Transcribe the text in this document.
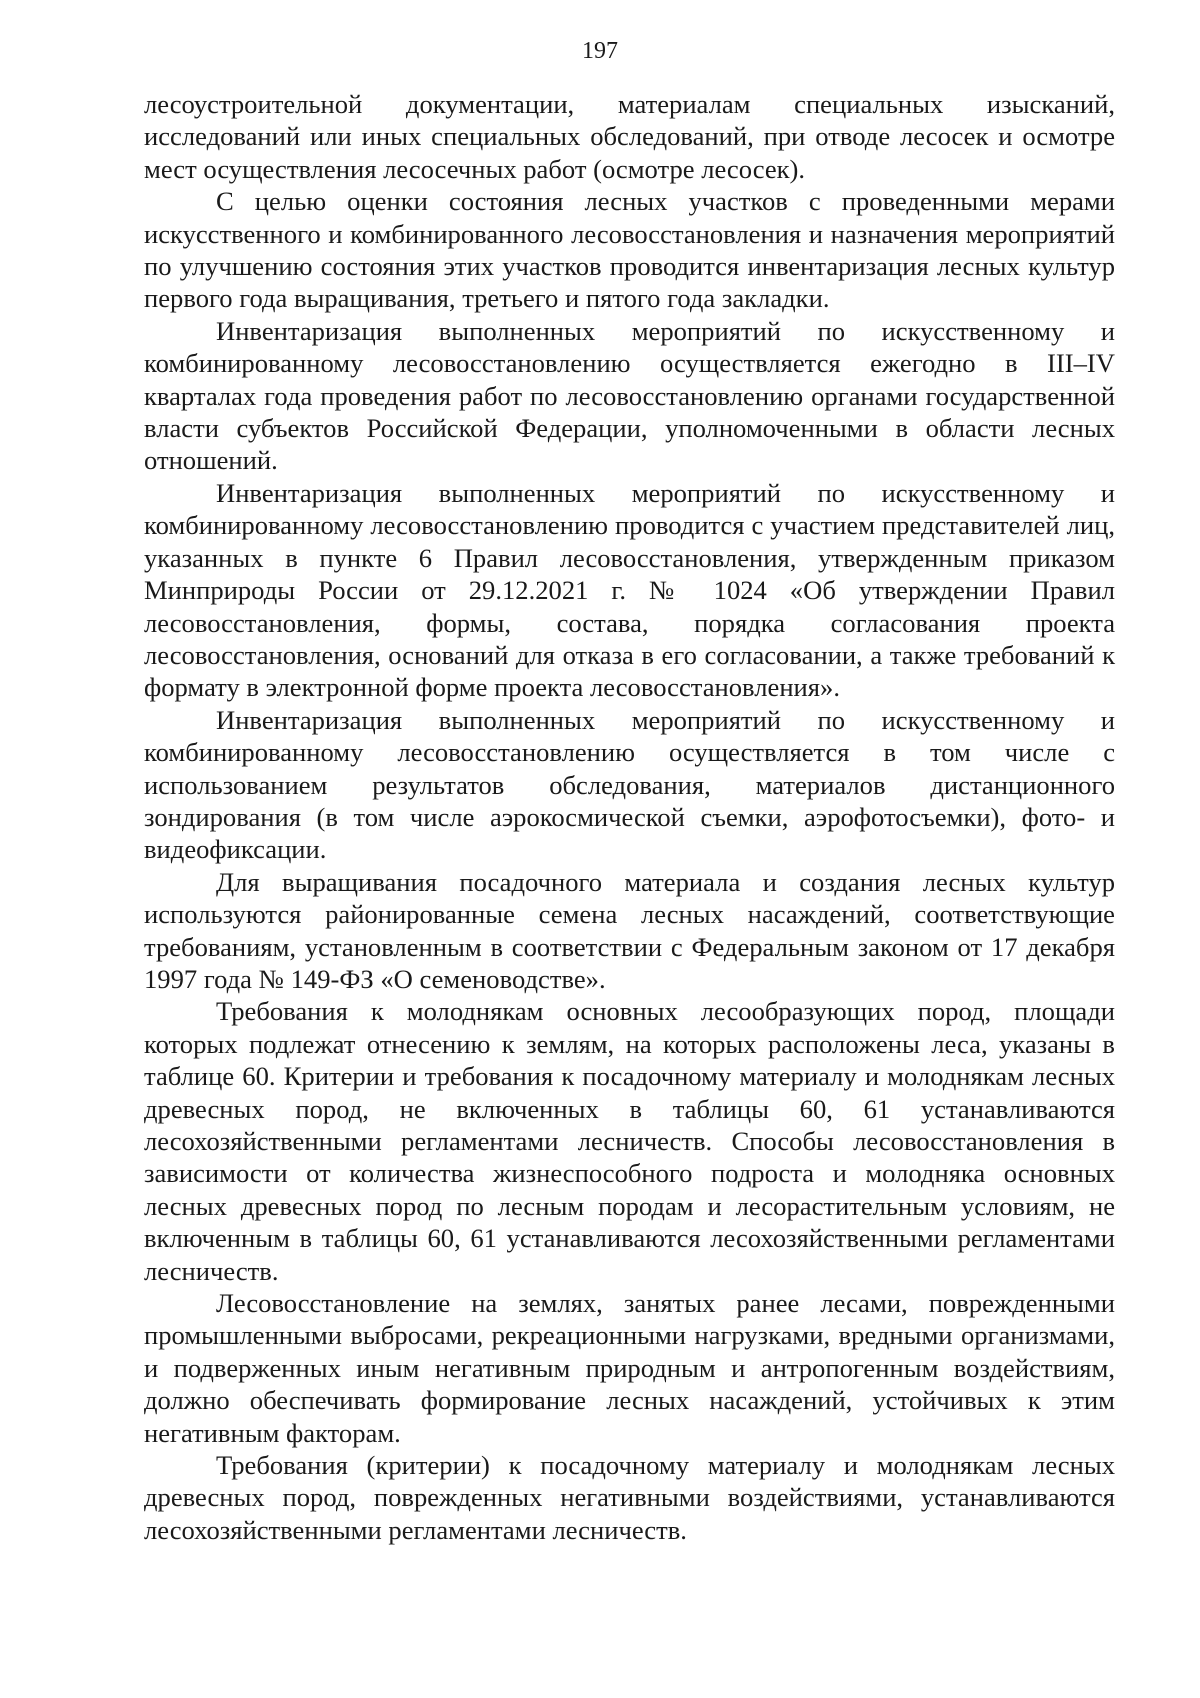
197

лесоустроительной документации, материалам специальных изысканий, исследований или иных специальных обследований, при отводе лесосек и осмотре мест осуществления лесосечных работ (осмотре лесосек).

С целью оценки состояния лесных участков с проведенными мерами искусственного и комбинированного лесовосстановления и назначения мероприятий по улучшению состояния этих участков проводится инвентаризация лесных культур первого года выращивания, третьего и пятого года закладки.

Инвентаризация выполненных мероприятий по искусственному и комбинированному лесовосстановлению осуществляется ежегодно в III–IV кварталах года проведения работ по лесовосстановлению органами государственной власти субъектов Российской Федерации, уполномоченными в области лесных отношений.

Инвентаризация выполненных мероприятий по искусственному и комбинированному лесовосстановлению проводится с участием представителей лиц, указанных в пункте 6 Правил лесовосстановления, утвержденным приказом Минприроды России от 29.12.2021 г. № 1024 «Об утверждении Правил лесовосстановления, формы, состава, порядка согласования проекта лесовосстановления, оснований для отказа в его согласовании, а также требований к формату в электронной форме проекта лесовосстановления».

Инвентаризация выполненных мероприятий по искусственному и комбинированному лесовосстановлению осуществляется в том числе с использованием результатов обследования, материалов дистанционного зондирования (в том числе аэрокосмической съемки, аэрофотосъемки), фото- и видеофиксации.

Для выращивания посадочного материала и создания лесных культур используются районированные семена лесных насаждений, соответствующие требованиям, установленным в соответствии с Федеральным законом от 17 декабря 1997 года № 149-ФЗ «О семеноводстве».

Требования к молоднякам основных лесообразующих пород, площади которых подлежат отнесению к землям, на которых расположены леса, указаны в таблице 60. Критерии и требования к посадочному материалу и молоднякам лесных древесных пород, не включенных в таблицы 60, 61 устанавливаются лесохозяйственными регламентами лесничеств. Способы лесовосстановления в зависимости от количества жизнеспособного подроста и молодняка основных лесных древесных пород по лесным породам и лесорастительным условиям, не включенным в таблицы 60, 61 устанавливаются лесохозяйственными регламентами лесничеств.

Лесовосстановление на землях, занятых ранее лесами, поврежденными промышленными выбросами, рекреационными нагрузками, вредными организмами, и подверженных иным негативным природным и антропогенным воздействиям, должно обеспечивать формирование лесных насаждений, устойчивых к этим негативным факторам.

Требования (критерии) к посадочному материалу и молоднякам лесных древесных пород, поврежденных негативными воздействиями, устанавливаются лесохозяйственными регламентами лесничеств.
